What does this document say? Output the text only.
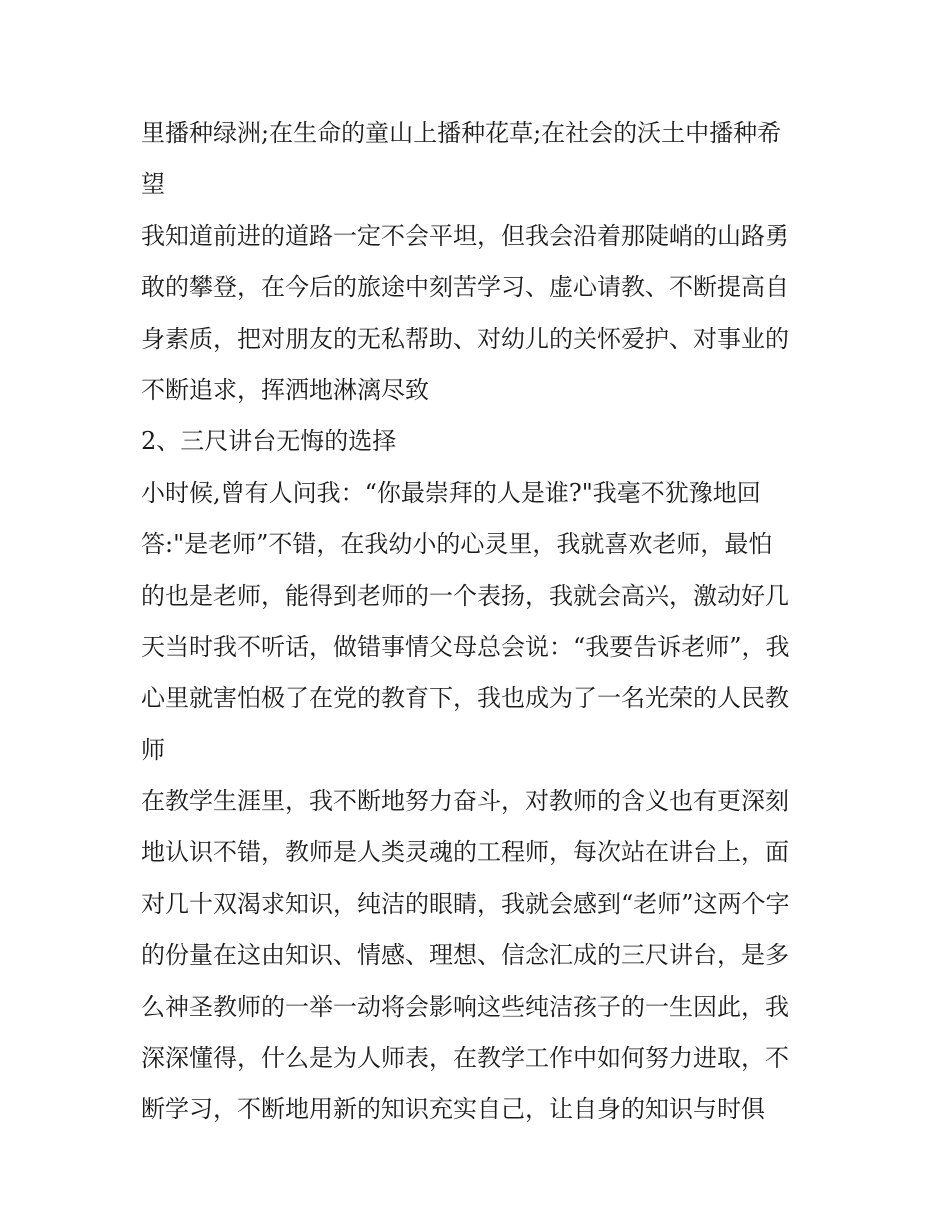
里播种绿洲;在生命的童山上播种花草;在社会的沃土中播种希
望
我知道前进的道路一定不会平坦，但我会沿着那陡峭的山路勇
敢的攀登，在今后的旅途中刻苦学习、虚心请教、不断提高自
身素质，把对朋友的无私帮助、对幼儿的关怀爱护、对事业的
不断追求，挥洒地淋漓尽致
2、三尺讲台无悔的选择
小时候,曾有人问我：“你最崇拜的人是谁?"我毫不犹豫地回
答:"是老师”不错，在我幼小的心灵里，我就喜欢老师，最怕
的也是老师，能得到老师的一个表扬，我就会高兴，激动好几
天当时我不听话，做错事情父母总会说：“我要告诉老师”，我
心里就害怕极了在党的教育下，我也成为了一名光荣的人民教
师
在教学生涯里，我不断地努力奋斗，对教师的含义也有更深刻
地认识不错，教师是人类灵魂的工程师，每次站在讲台上，面
对几十双渴求知识，纯洁的眼睛，我就会感到“老师”这两个字
的份量在这由知识、情感、理想、信念汇成的三尺讲台，是多
么神圣教师的一举一动将会影响这些纯洁孩子的一生因此，我
深深懂得，什么是为人师表，在教学工作中如何努力进取，不
断学习，不断地用新的知识充实自己，让自身的知识与时俱
